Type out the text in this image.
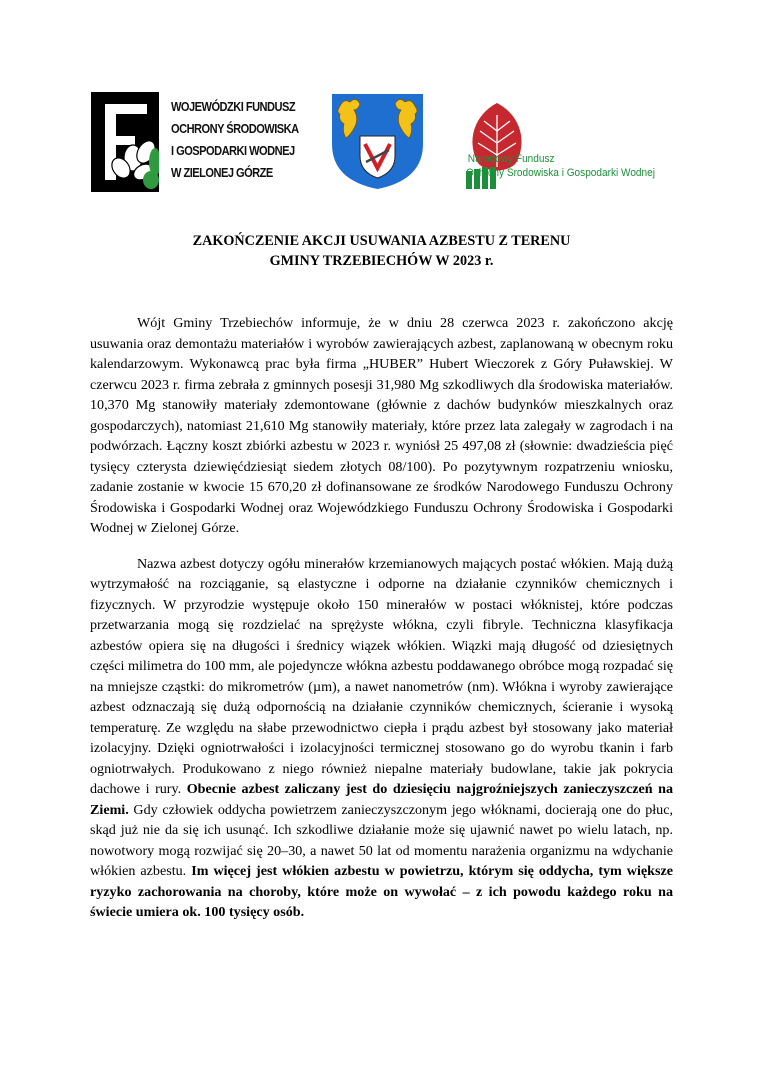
WOJEWÓDZKI FUNDUSZ
OCHRONY ŚRODOWISKA
I GOSPODARKI WODNEJ
W ZIELONEJ GÓRZE
Narodowy Fundusz
Ochrony Środowiska i Gospodarki Wodnej
ZAKOŃCZENIE AKCJI USUWANIA AZBESTU Z TERENU
GMINY TRZEBIECHÓW W 2023 r.

Wójt Gminy Trzebiechów informuje, że w dniu 28 czerwca 2023 r. zakończono akcję usuwania oraz demontażu materiałów i wyrobów zawierających azbest, zaplanowaną w obecnym roku kalendarzowym. Wykonawcą prac była firma „HUBER” Hubert Wieczorek z Góry Puławskiej. W czerwcu 2023 r. firma zebrała z gminnych posesji 31,980 Mg szkodliwych dla środowiska materiałów. 10,370 Mg stanowiły materiały zdemontowane (głównie z dachów budynków mieszkalnych oraz gospodarczych), natomiast 21,610 Mg stanowiły materiały, które przez lata zalegały w zagrodach i na podwórzach. Łączny koszt zbiórki azbestu w 2023 r. wyniósł 25 497,08 zł (słownie: dwadzieścia pięć tysięcy czterysta dziewięćdziesiąt siedem złotych 08/100). Po pozytywnym rozpatrzeniu wniosku, zadanie zostanie w kwocie 15 670,20 zł dofinansowane ze środków Narodowego Funduszu Ochrony Środowiska i Gospodarki Wodnej oraz Wojewódzkiego Funduszu Ochrony Środowiska i Gospodarki Wodnej w Zielonej Górze.

Nazwa azbest dotyczy ogółu minerałów krzemianowych mających postać włókien. Mają dużą wytrzymałość na rozciąganie, są elastyczne i odporne na działanie czynników chemicznych i fizycznych. W przyrodzie występuje około 150 minerałów w postaci włóknistej, które podczas przetwarzania mogą się rozdzielać na sprężyste włókna, czyli fibryle. Techniczna klasyfikacja azbestów opiera się na długości i średnicy wiązek włókien. Wiązki mają długość od dziesiętnych części milimetra do 100 mm, ale pojedyncze włókna azbestu poddawanego obróbce mogą rozpadać się na mniejsze cząstki: do mikrometrów (µm), a nawet nanometrów (nm). Włókna i wyroby zawierające azbest odznaczają się dużą odpornością na działanie czynników chemicznych, ścieranie i wysoką temperaturę. Ze względu na słabe przewodnictwo ciepła i prądu azbest był stosowany jako materiał izolacyjny. Dzięki ogniotrwałości i izolacyjności termicznej stosowano go do wyrobu tkanin i farb ogniotrwałych. Produkowano z niego również niepalne materiały budowlane, takie jak pokrycia dachowe i rury. Obecnie azbest zaliczany jest do dziesięciu najgroźniejszych zanieczyszczeń na Ziemi. Gdy człowiek oddycha powietrzem zanieczyszczonym jego włóknami, docierają one do płuc, skąd już nie da się ich usunąć. Ich szkodliwe działanie może się ujawnić nawet po wielu latach, np. nowotwory mogą rozwijać się 20–30, a nawet 50 lat od momentu narażenia organizmu na wdychanie włókien azbestu. Im więcej jest włókien azbestu w powietrzu, którym się oddycha, tym większe ryzyko zachorowania na choroby, które może on wywołać – z ich powodu każdego roku na świecie umiera ok. 100 tysięcy osób.
